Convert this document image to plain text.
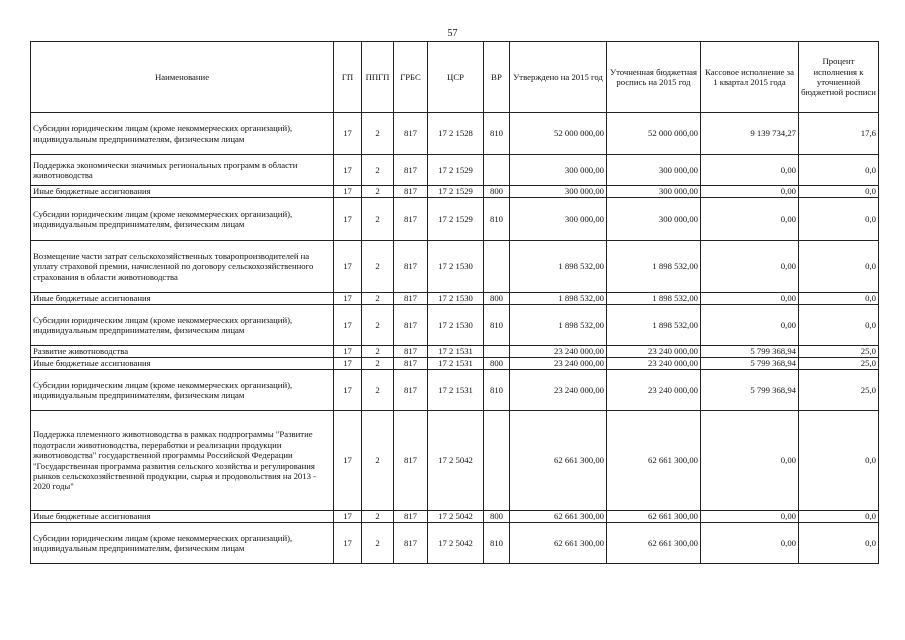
57
Наименование	ГП	ППГП	ГРБС	ЦСР	ВР	Утверждено на 2015 год	Уточненная бюджетная роспись на 2015 год	Кассовое исполнение за 1 квартал 2015 года	Процент исполнения к уточненной бюджетной росписи
Субсидии юридическим лицам (кроме некоммерческих организаций), индивидуальным предпринимателям, физическим лицам	17	2	817	17 2 1528	810	52 000 000,00	52 000 000,00	9 139 734,27	17,6
Поддержка экономически значимых региональных программ в области животноводства	17	2	817	17 2 1529		300 000,00	300 000,00	0,00	0,0
Иные бюджетные ассигнования	17	2	817	17 2 1529	800	300 000,00	300 000,00	0,00	0,0
Субсидии юридическим лицам (кроме некоммерческих организаций), индивидуальным предпринимателям, физическим лицам	17	2	817	17 2 1529	810	300 000,00	300 000,00	0,00	0,0
Возмещение части затрат сельскохозяйственных товаропроизводителей на уплату страховой премии, начисленной по договору сельскохозяйственного страхования в области животноводства	17	2	817	17 2 1530		1 898 532,00	1 898 532,00	0,00	0,0
Иные бюджетные ассигнования	17	2	817	17 2 1530	800	1 898 532,00	1 898 532,00	0,00	0,0
Субсидии юридическим лицам (кроме некоммерческих организаций), индивидуальным предпринимателям, физическим лицам	17	2	817	17 2 1530	810	1 898 532,00	1 898 532,00	0,00	0,0
Развитие животноводства	17	2	817	17 2 1531		23 240 000,00	23 240 000,00	5 799 368,94	25,0
Иные бюджетные ассигнования	17	2	817	17 2 1531	800	23 240 000,00	23 240 000,00	5 799 368,94	25,0
Субсидии юридическим лицам (кроме некоммерческих организаций), индивидуальным предпринимателям, физическим лицам	17	2	817	17 2 1531	810	23 240 000,00	23 240 000,00	5 799 368,94	25,0
Поддержка племенного животноводства в рамках подпрограммы "Развитие подотрасли животноводства, переработки и реализации продукции животноводства" государственной программы Российской Федерации "Государственная программа развития сельского хозяйства и регулирования рынков сельскохозяйственной продукции, сырья и продовольствия на 2013 - 2020 годы"	17	2	817	17 2 5042		62 661 300,00	62 661 300,00	0,00	0,0
Иные бюджетные ассигнования	17	2	817	17 2 5042	800	62 661 300,00	62 661 300,00	0,00	0,0
Субсидии юридическим лицам (кроме некоммерческих организаций), индивидуальным предпринимателям, физическим лицам	17	2	817	17 2 5042	810	62 661 300,00	62 661 300,00	0,00	0,0
